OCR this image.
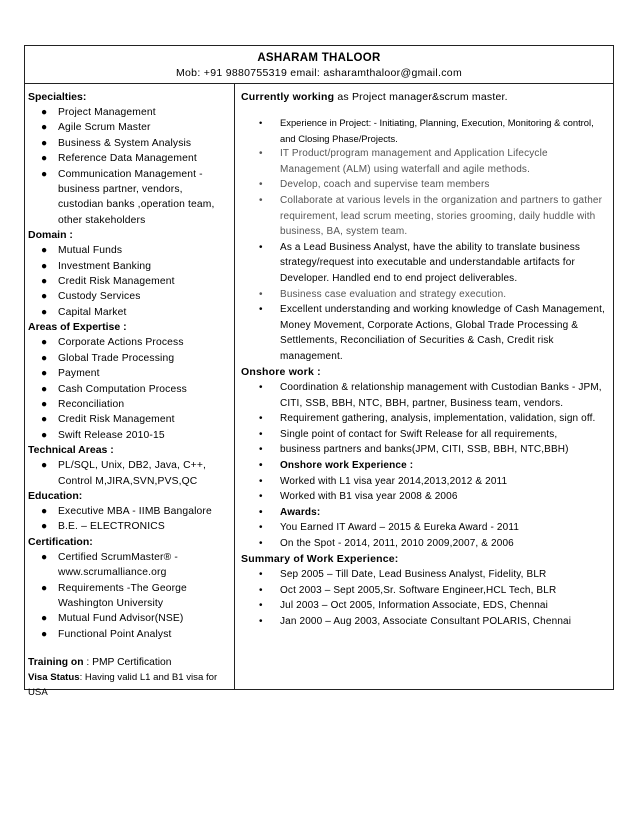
ASHARAM THALOOR
Mob: +91 9880755319 email: asharamthaloor@gmail.com
Specialties:
● Project Management
● Agile Scrum Master
● Business & System Analysis
● Reference Data Management
● Communication Management - business partner, vendors, custodian banks ,operation team, other stakeholders
Domain :
● Mutual Funds
● Investment Banking
● Credit Risk Management
● Custody Services
● Capital Market
Areas of Expertise :
● Corporate Actions Process
● Global Trade Processing
● Payment
● Cash Computation Process
● Reconciliation
● Credit Risk Management
● Swift Release 2010-15
Technical Areas :
● PL/SQL, Unix, DB2, Java, C++, Control M,JIRA,SVN,PVS,QC
Education:
● Executive MBA - IIMB Bangalore
● B.E. – ELECTRONICS
Certification:
● Certified ScrumMaster® - www.scrumalliance.org
● Requirements -The George Washington University
● Mutual Fund Advisor(NSE)
● Functional Point Analyst
Training on : PMP Certification
Visa Status: Having valid L1 and B1 visa for USA
Currently working as Project manager&scrum master.
• Experience in Project: - Initiating, Planning, Execution, Monitoring & control, and Closing Phase/Projects.
• IT Product/program management and Application Lifecycle Management (ALM) using waterfall and agile methods.
• Develop, coach and supervise team members
• Collaborate at various levels in the organization and partners to gather requirement, lead scrum meeting, stories grooming, daily huddle with business, BA, system team.
• As a Lead Business Analyst, have the ability to translate business strategy/request into executable and understandable artifacts for Developer. Handled end to end project deliverables.
• Business case evaluation and strategy execution.
• Excellent understanding and working knowledge of Cash Management, Money Movement, Corporate Actions, Global Trade Processing & Settlements, Reconciliation of Securities & Cash, Credit risk management.
Onshore work :
• Coordination & relationship management with Custodian Banks - JPM, CITI, SSB, BBH, NTC, BBH, partner, Business team, vendors.
• Requirement gathering, analysis, implementation, validation, sign off.
• Single point of contact for Swift Release for all requirements,
• business partners and banks(JPM, CITI, SSB, BBH, NTC,BBH)
• Onshore work Experience :
• Worked with L1 visa year 2014,2013,2012 & 2011
• Worked with B1 visa year 2008 & 2006
• Awards:
• You Earned IT Award – 2015 & Eureka Award - 2011
• On the Spot - 2014, 2011, 2010 2009,2007, & 2006
Summary of Work Experience:
• Sep 2005 – Till Date, Lead Business Analyst, Fidelity, BLR
• Oct 2003 – Sept 2005,Sr. Software Engineer,HCL Tech, BLR
• Jul 2003 – Oct 2005, Information Associate, EDS, Chennai
• Jan 2000 – Aug 2003, Associate Consultant POLARIS, Chennai
